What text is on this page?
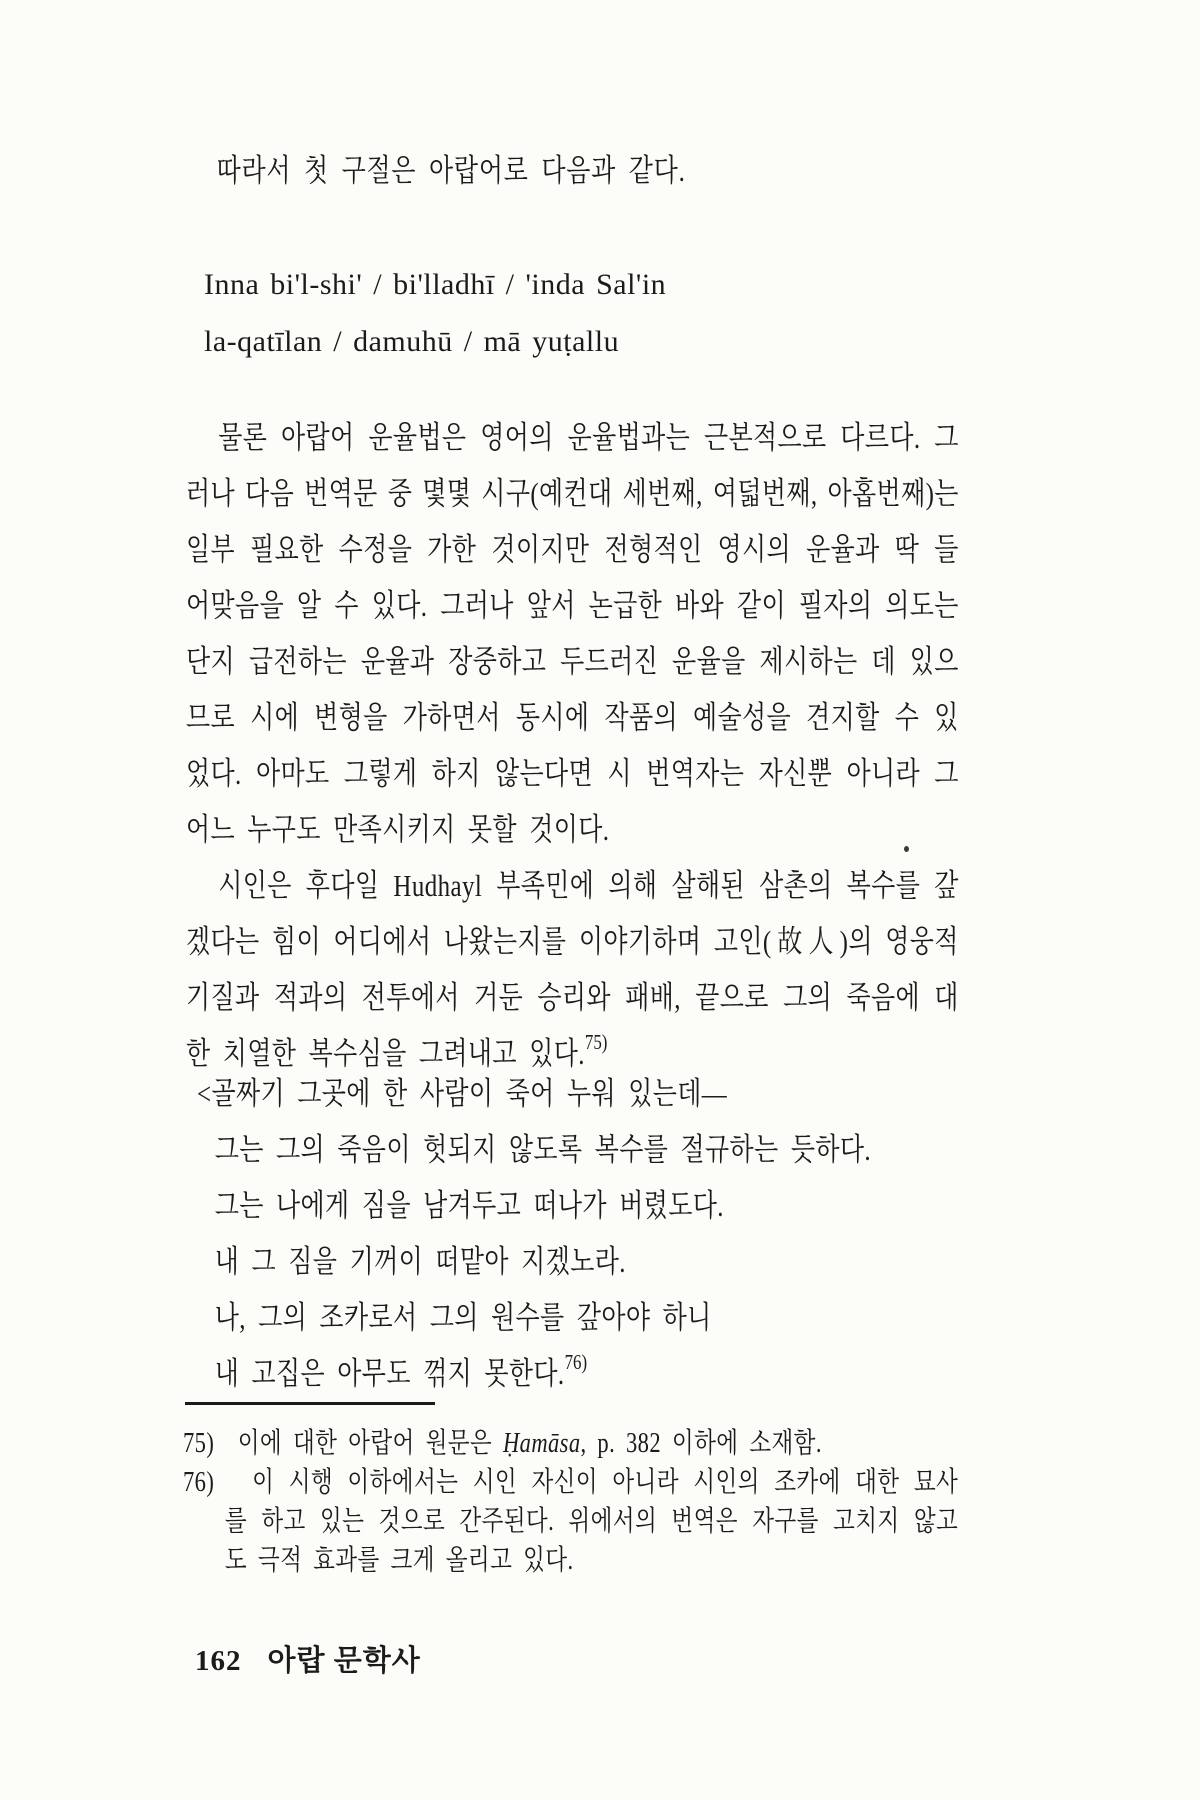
따라서 첫 구절은 아랍어로 다음과 같다.
Inna bi'l-shi' / bi'lladhī / 'inda Sal'in
la-qatīlan / damuhū / mā yuṭallu
물론 아랍어 운율법은 영어의 운율법과는 근본적으로 다르다. 그
러나 다음 번역문 중 몇몇 시구(예컨대 세번째, 여덟번째, 아홉번째)는
일부 필요한 수정을 가한 것이지만 전형적인 영시의 운율과 딱 들
어맞음을 알 수 있다. 그러나 앞서 논급한 바와 같이 필자의 의도는
단지 급전하는 운율과 장중하고 두드러진 운율을 제시하는 데 있으
므로 시에 변형을 가하면서 동시에 작품의 예술성을 견지할 수 있
었다. 아마도 그렇게 하지 않는다면 시 번역자는 자신뿐 아니라 그
어느 누구도 만족시키지 못할 것이다.
시인은 후다일 Hudhayl 부족민에 의해 살해된 삼촌의 복수를 갚
겠다는 힘이 어디에서 나왔는지를 이야기하며 고인(故人)의 영웅적
기질과 적과의 전투에서 거둔 승리와 패배, 끝으로 그의 죽음에 대
한 치열한 복수심을 그려내고 있다.$^{75)}$
<골짜기 그곳에 한 사람이 죽어 누워 있는데—
그는 그의 죽음이 헛되지 않도록 복수를 절규하는 듯하다.
그는 나에게 짐을 남겨두고 떠나가 버렸도다.
내 그 짐을 기꺼이 떠맡아 지겠노라.
나, 그의 조카로서 그의 원수를 갚아야 하니
내 고집은 아무도 꺾지 못한다.$^{76)}$
75) 이에 대한 아랍어 원문은 Ḥamāsa, p. 382 이하에 소재함.
76) 이 시행 이하에서는 시인 자신이 아니라 시인의 조카에 대한 묘사
를 하고 있는 것으로 간주된다. 위에서의 번역은 자구를 고치지 않고
도 극적 효과를 크게 올리고 있다.
162 아랍 문학사
